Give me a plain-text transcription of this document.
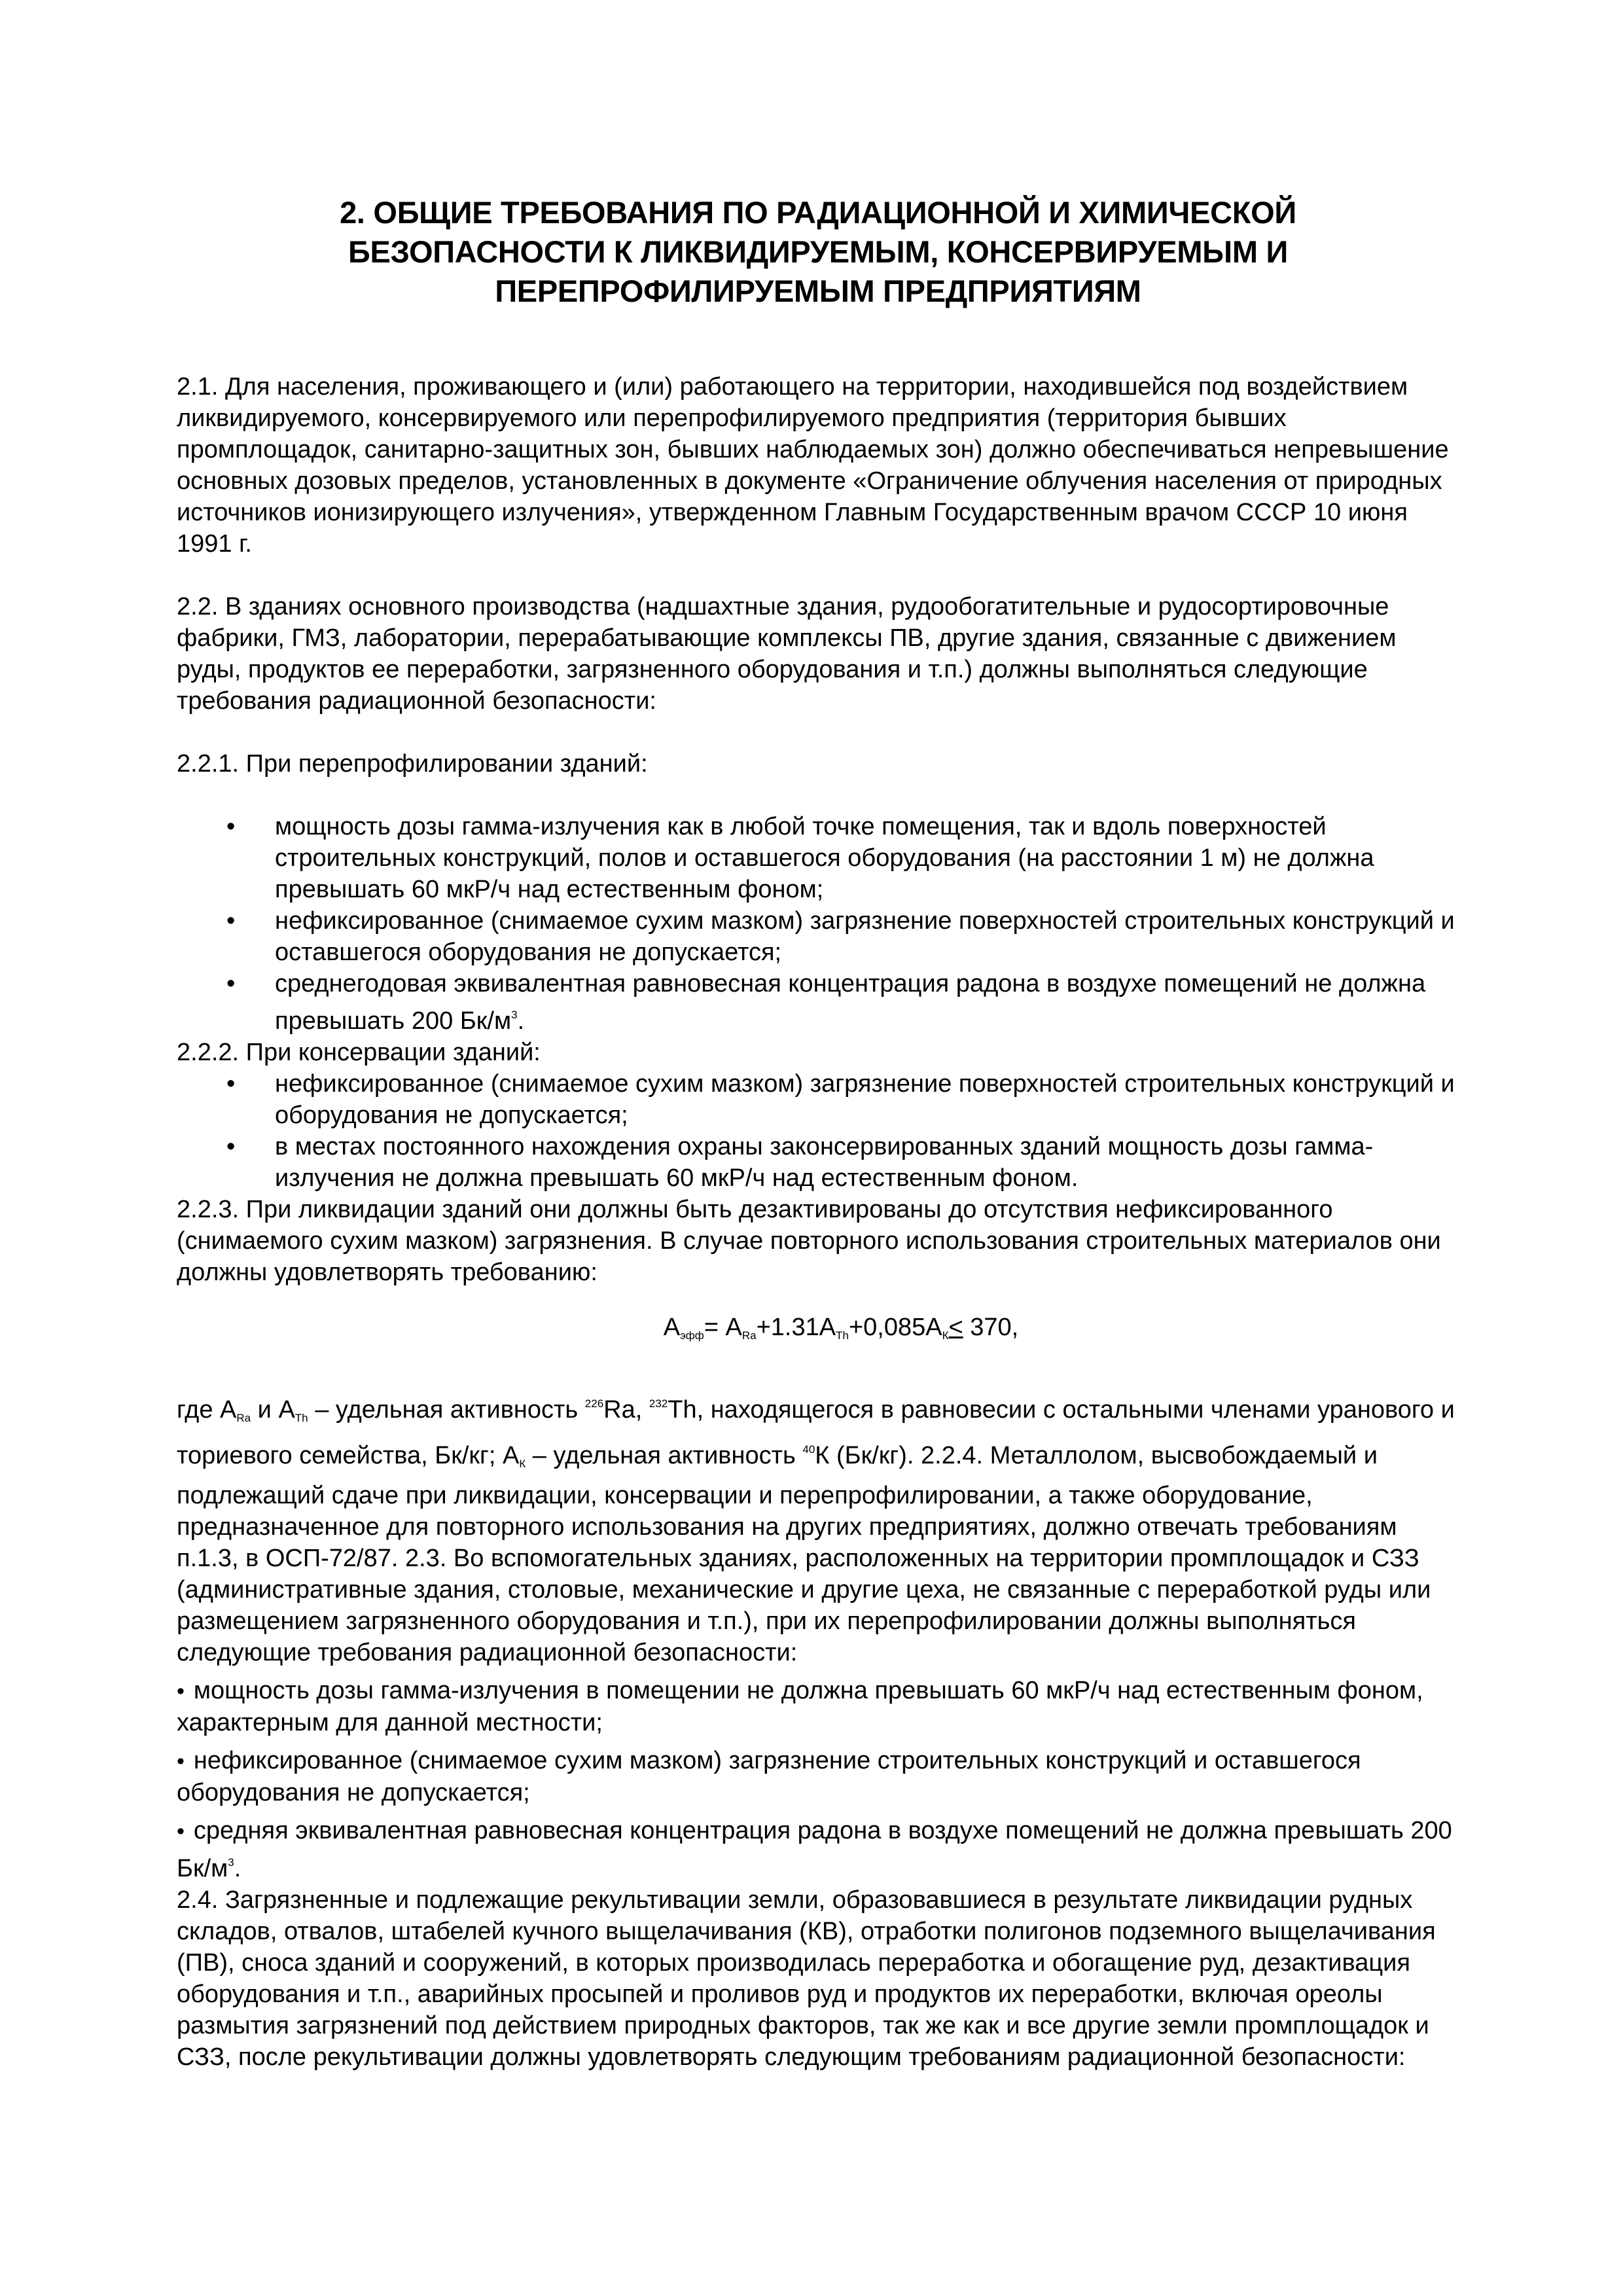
2. ОБЩИЕ ТРЕБОВАНИЯ ПО РАДИАЦИОННОЙ И ХИМИЧЕСКОЙ
БЕЗОПАСНОСТИ К ЛИКВИДИРУЕМЫМ, КОНСЕРВИРУЕМЫМ И
ПЕРЕПРОФИЛИРУЕМЫМ ПРЕДПРИЯТИЯМ

2.1. Для населения, проживающего и (или) работающего на территории, находившейся под воздействием ликвидируемого, консервируемого или перепрофилируемого предприятия (территория бывших промплощадок, санитарно-защитных зон, бывших наблюдаемых зон) должно обеспечиваться непревышение основных дозовых пределов, установленных в документе «Ограничение облучения населения от природных источников ионизирующего излучения», утвержденном Главным Государственным врачом СССР 10 июня 1991 г.

2.2. В зданиях основного производства (надшахтные здания, рудообогатительные и рудосортировочные фабрики, ГМЗ, лаборатории, перерабатывающие комплексы ПВ, другие здания, связанные с движением руды, продуктов ее переработки, загрязненного оборудования и т.п.) должны выполняться следующие требования радиационной безопасности:

2.2.1. При перепрофилировании зданий:

• мощность дозы гамма-излучения как в любой точке помещения, так и вдоль поверхностей строительных конструкций, полов и оставшегося оборудования (на расстоянии 1 м) не должна превышать 60 мкР/ч над естественным фоном;
• нефиксированное (снимаемое сухим мазком) загрязнение поверхностей строительных конструкций и оставшегося оборудования не допускается;
• среднегодовая эквивалентная равновесная концентрация радона в воздухе помещений не должна превышать 200 $Бк/м^3$.

2.2.2. При консервации зданий:

• нефиксированное (снимаемое сухим мазком) загрязнение поверхностей строительных конструкций и оборудования не допускается;
• в местах постоянного нахождения охраны законсервированных зданий мощность дозы гамма-излучения не должна превышать 60 мкР/ч над естественным фоном.

2.2.3. При ликвидации зданий они должны быть дезактивированы до отсутствия нефиксированного (снимаемого сухим мазком) загрязнения. В случае повторного использования строительных материалов они должны удовлетворять требованию:

$А_{эфф}= А_{Ra}+1.31А_{Th}+0,085А_К< 370$,

где $А_{Ra}$ и $А_{Th}$ – удельная активность $^{226}$Ra, $^{232}$Th, находящегося в равновесии с остальными членами уранового и ториевого семейства, Бк/кг; $А_К$ – удельная активность $^{40}$К (Бк/кг). 2.2.4. Металлолом, высвобождаемый и подлежащий сдаче при ликвидации, консервации и перепрофилировании, а также оборудование, предназначенное для повторного использования на других предприятиях, должно отвечать требованиям п.1.3, в ОСП-72/87. 2.3. Во вспомогательных зданиях, расположенных на территории промплощадок и СЗЗ (административные здания, столовые, механические и другие цеха, не связанные с переработкой руды или размещением загрязненного оборудования и т.п.), при их перепрофилировании должны выполняться следующие требования радиационной безопасности:

• мощность дозы гамма-излучения в помещении не должна превышать 60 мкР/ч над естественным фоном, характерным для данной местности;

• нефиксированное (снимаемое сухим мазком) загрязнение строительных конструкций и оставшегося оборудования не допускается;

• средняя эквивалентная равновесная концентрация радона в воздухе помещений не должна превышать 200 $Бк/м^3$.

2.4. Загрязненные и подлежащие рекультивации земли, образовавшиеся в результате ликвидации рудных складов, отвалов, штабелей кучного выщелачивания (КВ), отработки полигонов подземного выщелачивания (ПВ), сноса зданий и сооружений, в которых производилась переработка и обогащение руд, дезактивация оборудования и т.п., аварийных просыпей и проливов руд и продуктов их переработки, включая ореолы размытия загрязнений под действием природных факторов, так же как и все другие земли промплощадок и СЗЗ, после рекультивации должны удовлетворять следующим требованиям радиационной безопасности:
